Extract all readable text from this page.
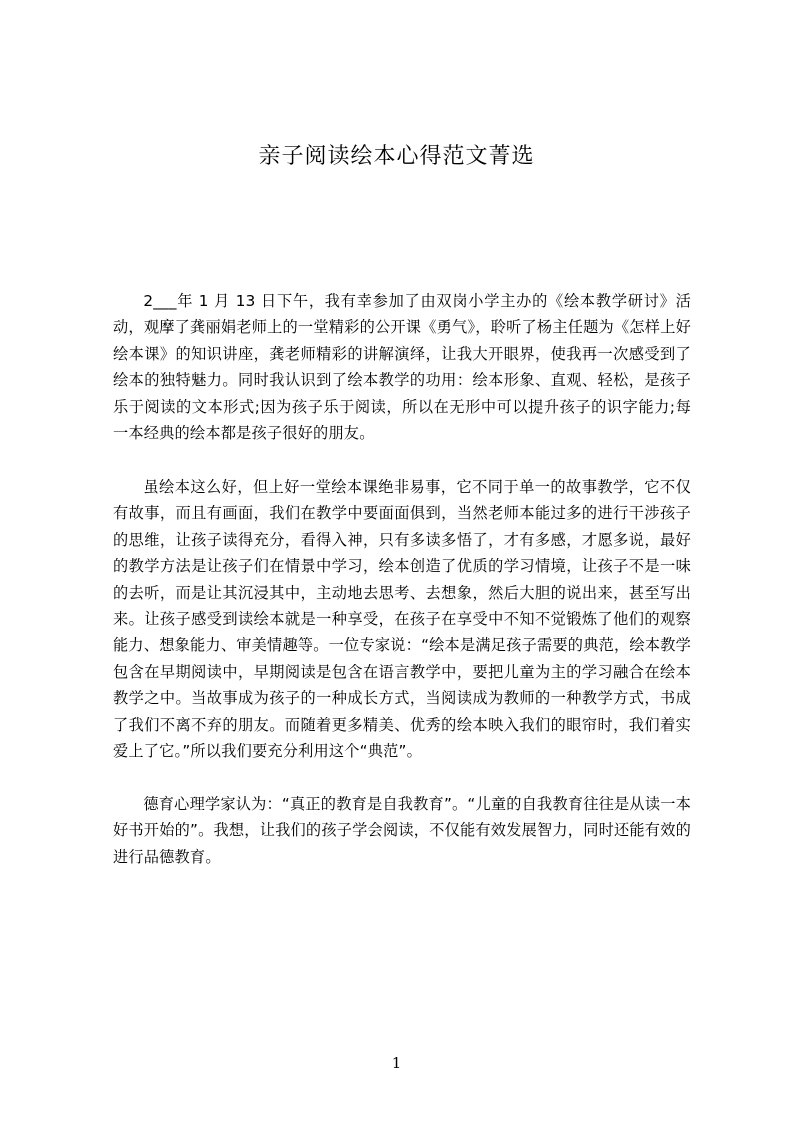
亲子阅读绘本心得范文菁选

2___年 1 月 13 日下午，我有幸参加了由双岗小学主办的《绘本教学研讨》活动，观摩了龚丽娟老师上的一堂精彩的公开课《勇气》，聆听了杨主任题为《怎样上好绘本课》的知识讲座，龚老师精彩的讲解演绎，让我大开眼界，使我再一次感受到了绘本的独特魅力。同时我认识到了绘本教学的功用：绘本形象、直观、轻松，是孩子乐于阅读的文本形式;因为孩子乐于阅读，所以在无形中可以提升孩子的识字能力;每一本经典的绘本都是孩子很好的朋友。

虽绘本这么好，但上好一堂绘本课绝非易事，它不同于单一的故事教学，它不仅有故事，而且有画面，我们在教学中要面面俱到，当然老师本能过多的进行干涉孩子的思维，让孩子读得充分，看得入神，只有多读多悟了，才有多感，才愿多说，最好的教学方法是让孩子们在情景中学习，绘本创造了优质的学习情境，让孩子不是一味的去听，而是让其沉浸其中，主动地去思考、去想象，然后大胆的说出来，甚至写出来。让孩子感受到读绘本就是一种享受，在孩子在享受中不知不觉锻炼了他们的观察能力、想象能力、审美情趣等。一位专家说：“绘本是满足孩子需要的典范，绘本教学包含在早期阅读中，早期阅读是包含在语言教学中，要把儿童为主的学习融合在绘本教学之中。当故事成为孩子的一种成长方式，当阅读成为教师的一种教学方式，书成了我们不离不弃的朋友。而随着更多精美、优秀的绘本映入我们的眼帘时，我们着实爱上了它。”所以我们要充分利用这个“典范”。

德育心理学家认为：“真正的教育是自我教育”。“儿童的自我教育往往是从读一本好书开始的”。我想，让我们的孩子学会阅读，不仅能有效发展智力，同时还能有效的进行品德教育。

1
